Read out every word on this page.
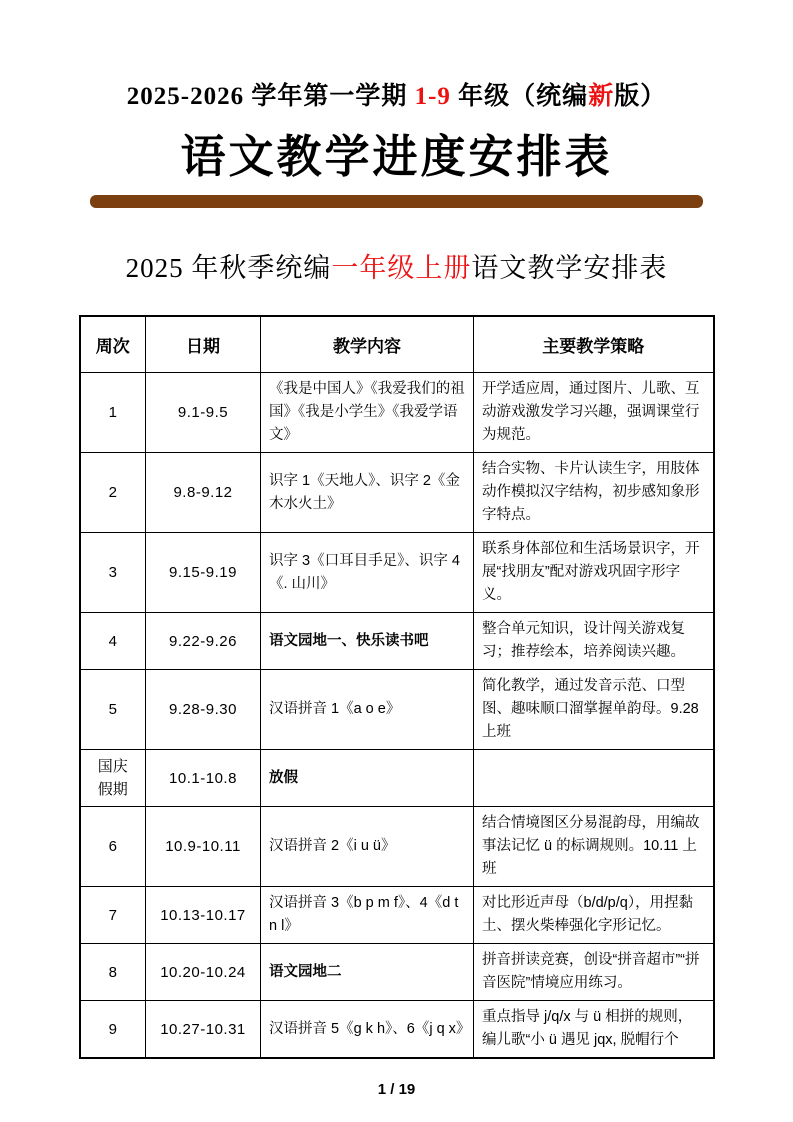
2025-2026 学年第一学期 1-9 年级（统编新版）
语文教学进度安排表
2025 年秋季统编一年级上册语文教学安排表
周次	日期	教学内容	主要教学策略
1	9.1-9.5	《我是中国人》《我爱我们的祖国》《我是小学生》《我爱学语文》	开学适应周，通过图片、儿歌、互动游戏激发学习兴趣，强调课堂行为规范。
2	9.8-9.12	识字 1《天地人》、识字 2《金木水火土》	结合实物、卡片认读生字，用肢体动作模拟汉字结构，初步感知象形字特点。
3	9.15-9.19	识字 3《口耳目手足》、识字 4《. 山川》	联系身体部位和生活场景识字，开展“找朋友”配对游戏巩固字形字义。
4	9.22-9.26	语文园地一、快乐读书吧	整合单元知识，设计闯关游戏复习；推荐绘本，培养阅读兴趣。
5	9.28-9.30	汉语拼音 1《a o e》	简化教学，通过发音示范、口型图、趣味顺口溜掌握单韵母。9.28 上班
国庆假期	10.1-10.8	放假	
6	10.9-10.11	汉语拼音 2《i u ü》	结合情境图区分易混韵母，用编故事法记忆 ü 的标调规则。10.11 上班
7	10.13-10.17	汉语拼音 3《b p m f》、4《d t n l》	对比形近声母（b/d/p/q），用捏黏土、摆火柴棒强化字形记忆。
8	10.20-10.24	语文园地二	拼音拼读竞赛，创设“拼音超市”“拼音医院”情境应用练习。
9	10.27-10.31	汉语拼音 5《g k h》、6《j q x》	重点指导 j/q/x 与 ü 相拼的规则，编儿歌“小 ü 遇见 jqx, 脱帽行个
1 / 19
